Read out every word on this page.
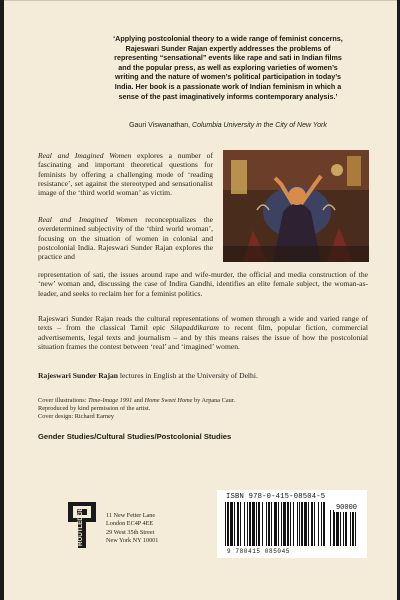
‘Applying postcolonial theory to a wide range of feminist concerns, Rajeswari Sunder Rajan expertly addresses the problems of representing “sensational” events like rape and sati in Indian films and the popular press, as well as exploring varieties of women’s writing and the nature of women’s political participation in today’s India. Her book is a passionate work of Indian feminism in which a sense of the past imaginatively informs contemporary analysis.’
Gauri Viswanathan, Columbia University in the City of New York
Real and Imagined Women explores a number of fascinating and important theoretical questions for feminists by offering a challenging mode of ‘reading resistance’, set against the stereotyped and sensationalist image of the ‘third world woman’ as victim.
Real and Imagined Women reconceptualizes the overdetermined subjectivity of the ‘third world woman’, focusing on the situation of women in colonial and postcolonial India. Rajeswari Sunder Rajan explores the practice and
representation of sati, the issues around rape and wife-murder, the official and media construction of the ‘new’ woman and, discussing the case of Indira Gandhi, identifies an elite female subject, the woman-as-leader, and seeks to reclaim her for a feminist politics.
Rajeswari Sunder Rajan reads the cultural representations of women through a wide and varied range of texts – from the classical Tamil epic Silapaddikaram to recent film, popular fiction, commercial advertisements, legal texts and journalism – and by this means raises the issue of how the postcolonial situation frames the contest between ‘real’ and ‘imagined’ women.
Rajeswari Sunder Rajan lectures in English at the University of Delhi.
Cover illustrations: Time-Image 1991 and Home Sweet Home by Arpana Caur.
Reproduced by kind permission of the artist.
Cover design: Richard Earney
Gender Studies/Cultural Studies/Postcolonial Studies
ROUTLEDGE	11 New Fetter Lane
London EC4P 4EE
29 West 35th Street
New York NY 10001
ISBN 978-0-415-08504-5
9 780415 085045
90000
